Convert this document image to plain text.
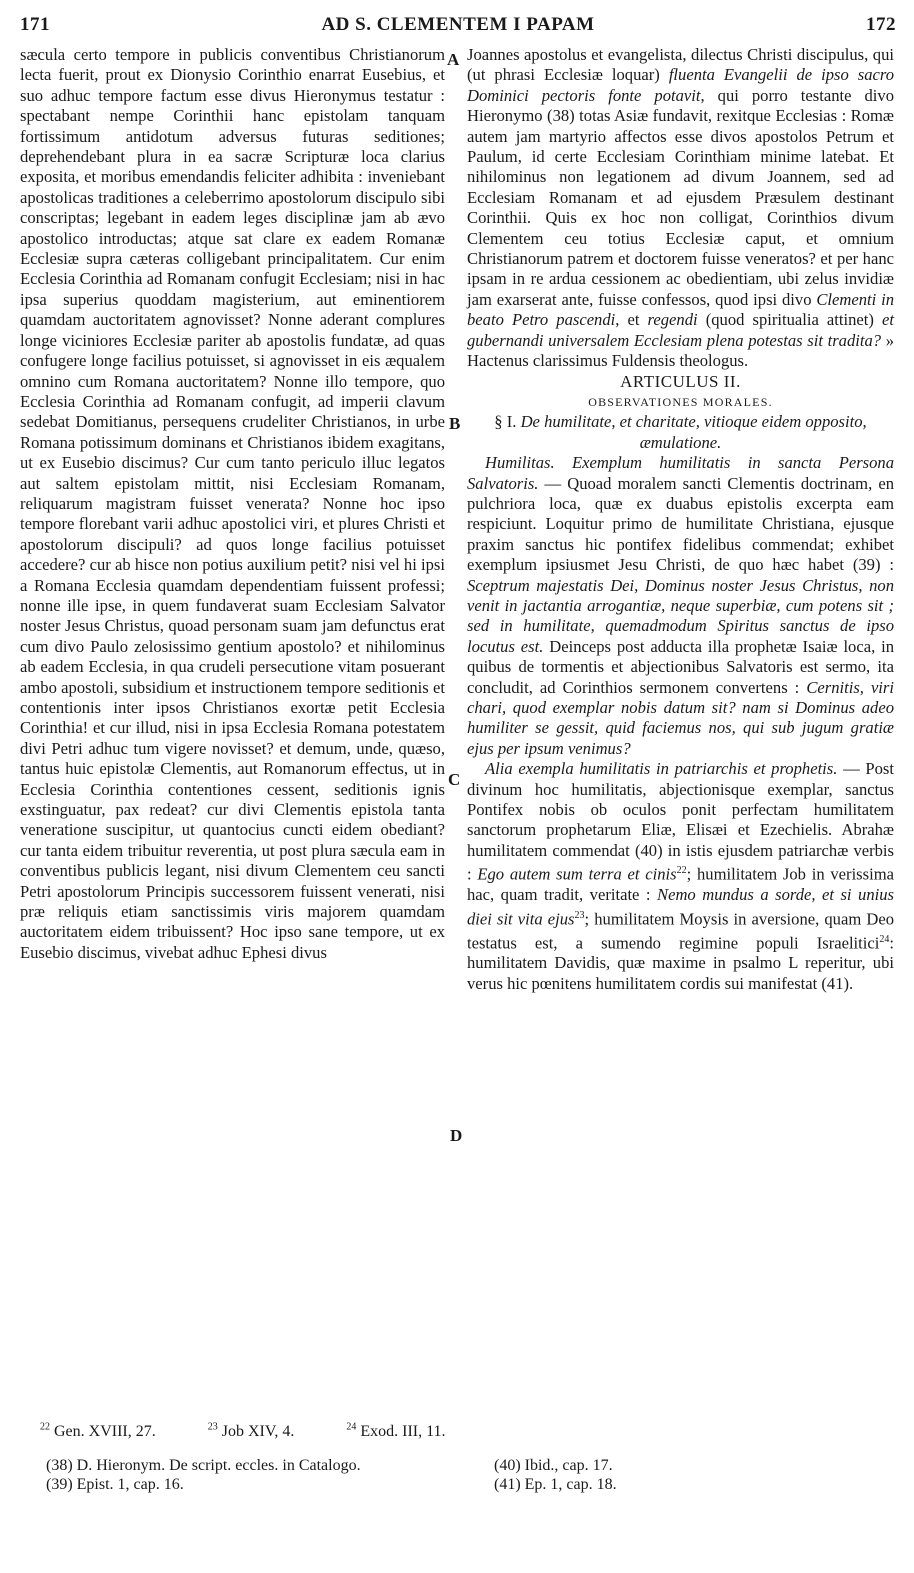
171	AD S. CLEMENTEM I PAPAM	172
A
B
C
D

sæcula certo tempore in publicis conventibus Christianorum lecta fuerit, prout ex Dionysio Corinthio enarrat Eusebius, et suo adhuc tempore factum esse divus Hieronymus testatur : spectabant nempe Corinthii hanc epistolam tanquam fortissimum antidotum adversus futuras seditiones; deprehendebant plura in ea sacræ Scripturæ loca clarius exposita, et moribus emendandis feliciter adhibita : inveniebant apostolicas traditiones a celeberrimo apostolorum discipulo sibi conscriptas; legebant in eadem leges disciplinæ jam ab ævo apostolico introductas; atque sat clare ex eadem Romanæ Ecclesiæ supra cæteras colligebant principalitatem. Cur enim Ecclesia Corinthia ad Romanam confugit Ecclesiam; nisi in hac ipsa superius quoddam magisterium, aut eminentiorem quamdam auctoritatem agnovisset? Nonne aderant complures longe viciniores Ecclesiæ pariter ab apostolis fundatæ, ad quas confugere longe facilius potuisset, si agnovisset in eis æqualem omnino cum Romana auctoritatem? Nonne illo tempore, quo Ecclesia Corinthia ad Romanam confugit, ad imperii clavum sedebat Domitianus, persequens crudeliter Christianos, in urbe Romana potissimum dominans et Christianos ibidem exagitans, ut ex Eusebio discimus? Cur cum tanto periculo illuc legatos aut saltem epistolam mittit, nisi Ecclesiam Romanam, reliquarum magistram fuisset venerata? Nonne hoc ipso tempore florebant varii adhuc apostolici viri, et plures Christi et apostolorum discipuli? ad quos longe facilius potuisset accedere? cur ab hisce non potius auxilium petit? nisi vel hi ipsi a Romana Ecclesia quamdam dependentiam fuissent professi; nonne ille ipse, in quem fundaverat suam Ecclesiam Salvator noster Jesus Christus, quoad personam suam jam defunctus erat cum divo Paulo zelosissimo gentium apostolo? et nihilominus ab eadem Ecclesia, in qua crudeli persecutione vitam posuerant ambo apostoli, subsidium et instructionem tempore seditionis et contentionis inter ipsos Christianos exortæ petit Ecclesia Corinthia! et cur illud, nisi in ipsa Ecclesia Romana potestatem divi Petri adhuc tum vigere novisset? et demum, unde, quæso, tantus huic epistolæ Clementis, aut Romanorum effectus, ut in Ecclesia Corinthia contentiones cessent, seditionis ignis exstinguatur, pax redeat? cur divi Clementis epistola tanta veneratione suscipitur, ut quantocius cuncti eidem obediant? cur tanta eidem tribuitur reverentia, ut post plura sæcula eam in conventibus publicis legant, nisi divum Clementem ceu sancti Petri apostolorum Principis successorem fuissent venerati, nisi præ reliquis etiam sanctissimis viris majorem quamdam auctoritatem eidem tribuissent? Hoc ipso sane tempore, ut ex Eusebio discimus, vivebat adhuc Ephesi divus

Joannes apostolus et evangelista, dilectus Christi discipulus, qui (ut phrasi Ecclesiæ loquar) fluenta Evangelii de ipso sacro Dominici pectoris fonte potavit, qui porro testante divo Hieronymo (38) totas Asiæ fundavit, rexitque Ecclesias : Romæ autem jam martyrio affectos esse divos apostolos Petrum et Paulum, id certe Ecclesiam Corinthiam minime latebat. Et nihilominus non legationem ad divum Joannem, sed ad Ecclesiam Romanam et ad ejusdem Præsulem destinant Corinthii. Quis ex hoc non colligat, Corinthios divum Clementem ceu totius Ecclesiæ caput, et omnium Christianorum patrem et doctorem fuisse veneratos? et per hanc ipsam in re ardua cessionem ac obedientiam, ubi zelus invidiæ jam exarserat ante, fuisse confessos, quod ipsi divo Clementi in beato Petro pascendi, et regendi (quod spiritualia attinet) et gubernandi universalem Ecclesiam plena potestas sit tradita? » Hactenus clarissimus Fuldensis theologus.

ARTICULUS II.

OBSERVATIONES MORALES.

§ I. De humilitate, et charitate, vitioque eidem opposito, æmulatione.

Humilitas. Exemplum humilitatis in sancta Persona Salvatoris. — Quoad moralem sancti Clementis doctrinam, en pulchriora loca, quæ ex duabus epistolis excerpta eam respiciunt. Loquitur primo de humilitate Christiana, ejusque praxim sanctus hic pontifex fidelibus commendat; exhibet exemplum ipsiusmet Jesu Christi, de quo hæc habet (39) : Sceptrum majestatis Dei, Dominus noster Jesus Christus, non venit in jactantia arrogantiæ, neque superbiæ, cum potens sit ; sed in humilitate, quemadmodum Spiritus sanctus de ipso locutus est. Deinceps post adducta illa prophetæ Isaiæ loca, in quibus de tormentis et abjectionibus Salvatoris est sermo, ita concludit, ad Corinthios sermonem convertens : Cernitis, viri chari, quod exemplar nobis datum sit? nam si Dominus adeo humiliter se gessit, quid faciemus nos, qui sub jugum gratiæ ejus per ipsum venimus?

Alia exempla humilitatis in patriarchis et prophetis. — Post divinum hoc humilitatis, abjectionisque exemplar, sanctus Pontifex nobis ob oculos ponit perfectam humilitatem sanctorum prophetarum Eliæ, Elisæi et Ezechielis. Abrahæ humilitatem commendat (40) in istis ejusdem patriarchæ verbis : Ego autem sum terra et cinis$^{22}$; humilitatem Job in verissima hac, quam tradit, veritate : Nemo mundus a sorde, et si unius diei sit vita ejus$^{23}$; humilitatem Moysis in aversione, quam Deo testatus est, a sumendo regimine populi Israelitici$^{24}$: humilitatem Davidis, quæ maxime in psalmo L reperitur, ubi verus hic pœnitens humilitatem cordis sui manifestat (41).

$^{22}$ Gen. XVIII, 27.	$^{23}$ Job XIV, 4.	$^{24}$ Exod. III, 11.
(38) D. Hieronym. De script. eccles. in Catalogo.
(39) Epist. 1, cap. 16.
(40) Ibid., cap. 17.
(41) Ep. 1, cap. 18.
